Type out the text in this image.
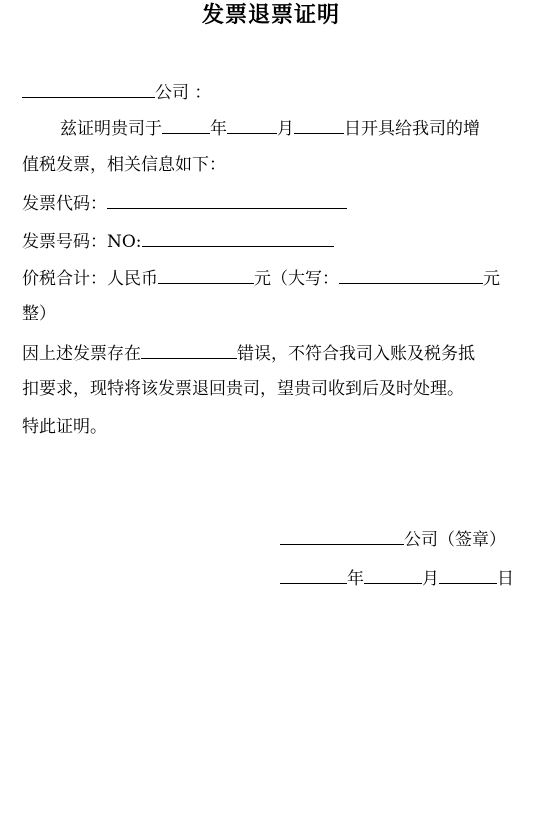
发票退票证明
公司 ：
兹证明贵司于	年	月	日开具给我司的增
值税发票，相关信息如下：
发票代码：
发票号码：NO:
价税合计：人民币	元（大写：	元
整）
因上述发票存在	错误，不符合我司入账及税务抵
扣要求，现特将该发票退回贵司，望贵司收到后及时处理。
特此证明。
公司（签章）
年	月	日
